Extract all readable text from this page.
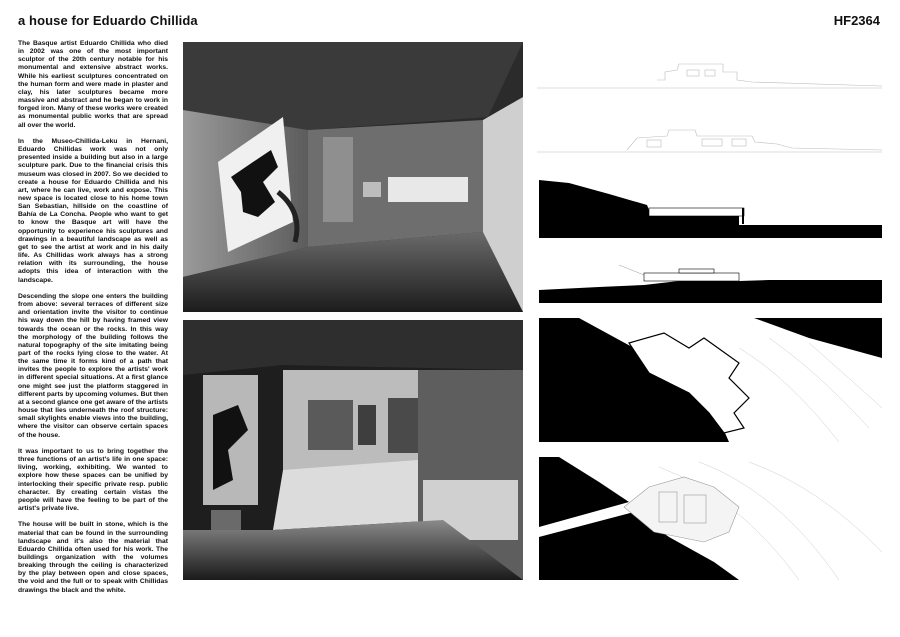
a house for Eduardo Chillida	HF2364

The Basque artist Eduardo Chillida who died in 2002 was one of the most important sculptor of the 20th century notable for his monumental and extensive abstract works. While his earliest sculptures concentrated on the human form and were made in plaster and clay, his later sculptures became more massive and abstract and he began to work in forged iron. Many of these works were created as monumental public works that are spread all over the world.

In the Museo-Chillida-Leku in Hernani, Eduardo Chillidas work was not only presented inside a building but also in a large sculpture park. Due to the financial crisis this museum was closed in 2007. So we decided to create a house for Eduardo Chillida and his art, where he can live, work and expose. This new space is located close to his home town San Sebastian, hillside on the coastline of Bahía de La Concha. People who want to get to know the Basque art will have the opportunity to experience his sculptures and drawings in a beautiful landscape as well as get to see the artist at work and in his daily life. As Chillidas work always has a strong relation with its surrounding, the house adopts this idea of interaction with the landscape.

Descending the slope one enters the building from above: several terraces of different size and orientation invite the visitor to continue his way down the hill by having framed view towards the ocean or the rocks. In this way the morphology of the building follows the natural topography of the site imitating being part of the rocks lying close to the water. At the same time it forms kind of a path that invites the people to explore the artists' work in different special situations. At a first glance one might see just the platform staggered in different parts by upcoming volumes. But then at a second glance one get aware of the artists house that lies underneath the roof structure: small skylights enable views into the building, where the visitor can observe certain spaces of the house.

It was important to us to bring together the three functions of an artist's life in one space: living, working, exhibiting. We wanted to explore how these spaces can be unified by interlocking their specific private resp. public character. By creating certain vistas the people will have the feeling to be part of the artist's private live.

The house will be built in stone, which is the material that can be found in the surrounding landscape and it's also the material that Eduardo Chillida often used for his work. The buildings organization with the volumes breaking through the ceiling is characterized by the play between open and close spaces, the void and the full or to speak with Chillidas drawings the black and the white.
